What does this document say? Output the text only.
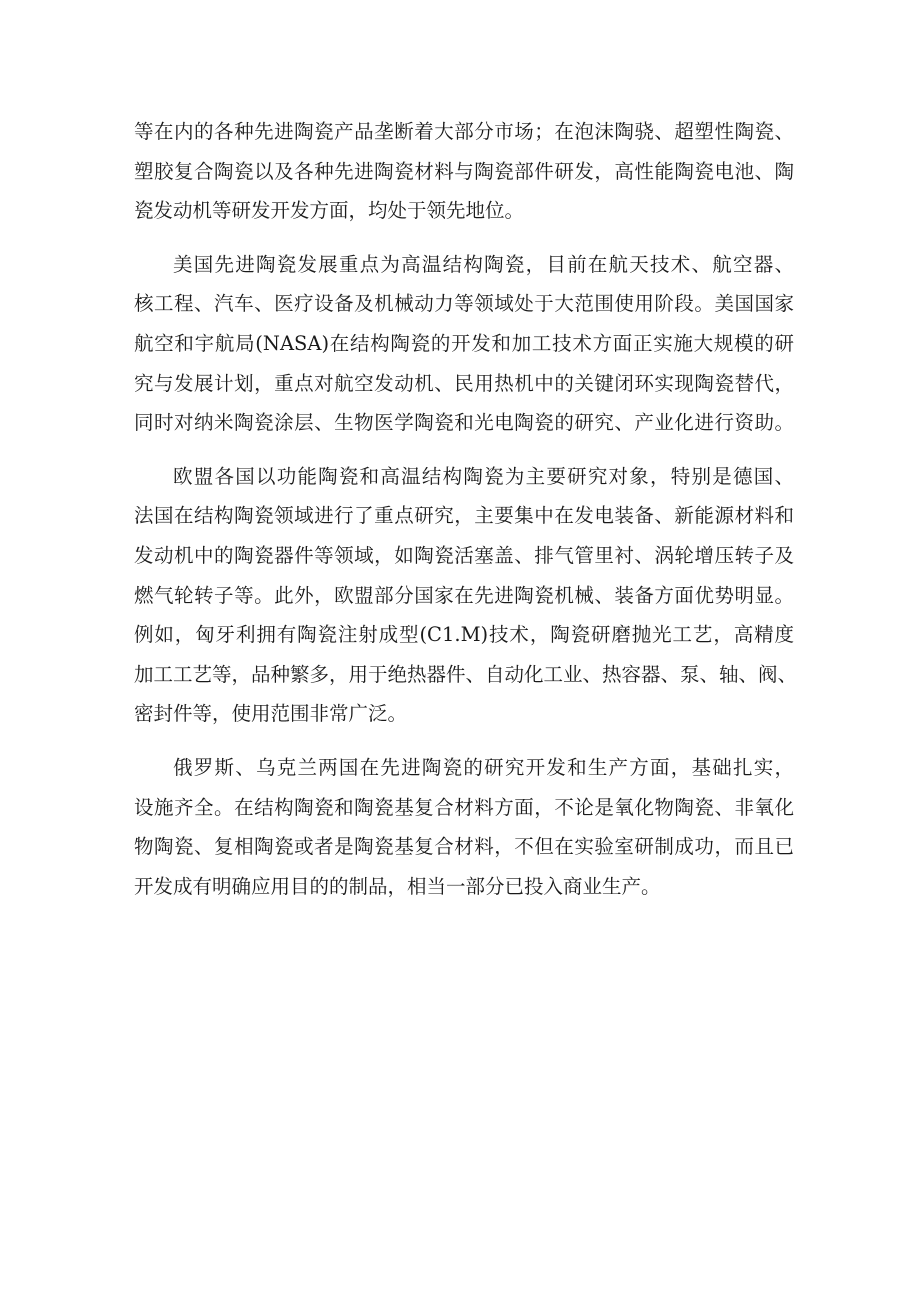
等在内的各种先进陶瓷产品垄断着大部分市场；在泡沫陶骁、超塑性陶瓷、
塑胶复合陶瓷以及各种先进陶瓷材料与陶瓷部件研发，高性能陶瓷电池、陶
瓷发动机等研发开发方面，均处于领先地位。
美国先进陶瓷发展重点为高温结构陶瓷，目前在航天技术、航空器、
核工程、汽车、医疗设备及机械动力等领域处于大范围使用阶段。美国国家
航空和宇航局(NASA)在结构陶瓷的开发和加工技术方面正实施大规模的研
究与发展计划，重点对航空发动机、民用热机中的关键闭环实现陶瓷替代，
同时对纳米陶瓷涂层、生物医学陶瓷和光电陶瓷的研究、产业化进行资助。
欧盟各国以功能陶瓷和高温结构陶瓷为主要研究对象，特别是德国、
法国在结构陶瓷领域进行了重点研究，主要集中在发电装备、新能源材料和
发动机中的陶瓷器件等领域，如陶瓷活塞盖、排气管里衬、涡轮增压转子及
燃气轮转子等。此外，欧盟部分国家在先进陶瓷机械、装备方面优势明显。
例如，匈牙利拥有陶瓷注射成型(C1.M)技术，陶瓷研磨抛光工艺，高精度
加工工艺等，品种繁多，用于绝热器件、自动化工业、热容器、泵、轴、阀、
密封件等，使用范围非常广泛。
俄罗斯、乌克兰两国在先进陶瓷的研究开发和生产方面，基础扎实，
设施齐全。在结构陶瓷和陶瓷基复合材料方面，不论是氧化物陶瓷、非氧化
物陶瓷、复相陶瓷或者是陶瓷基复合材料，不但在实验室研制成功，而且已
开发成有明确应用目的的制品，相当一部分已投入商业生产。
